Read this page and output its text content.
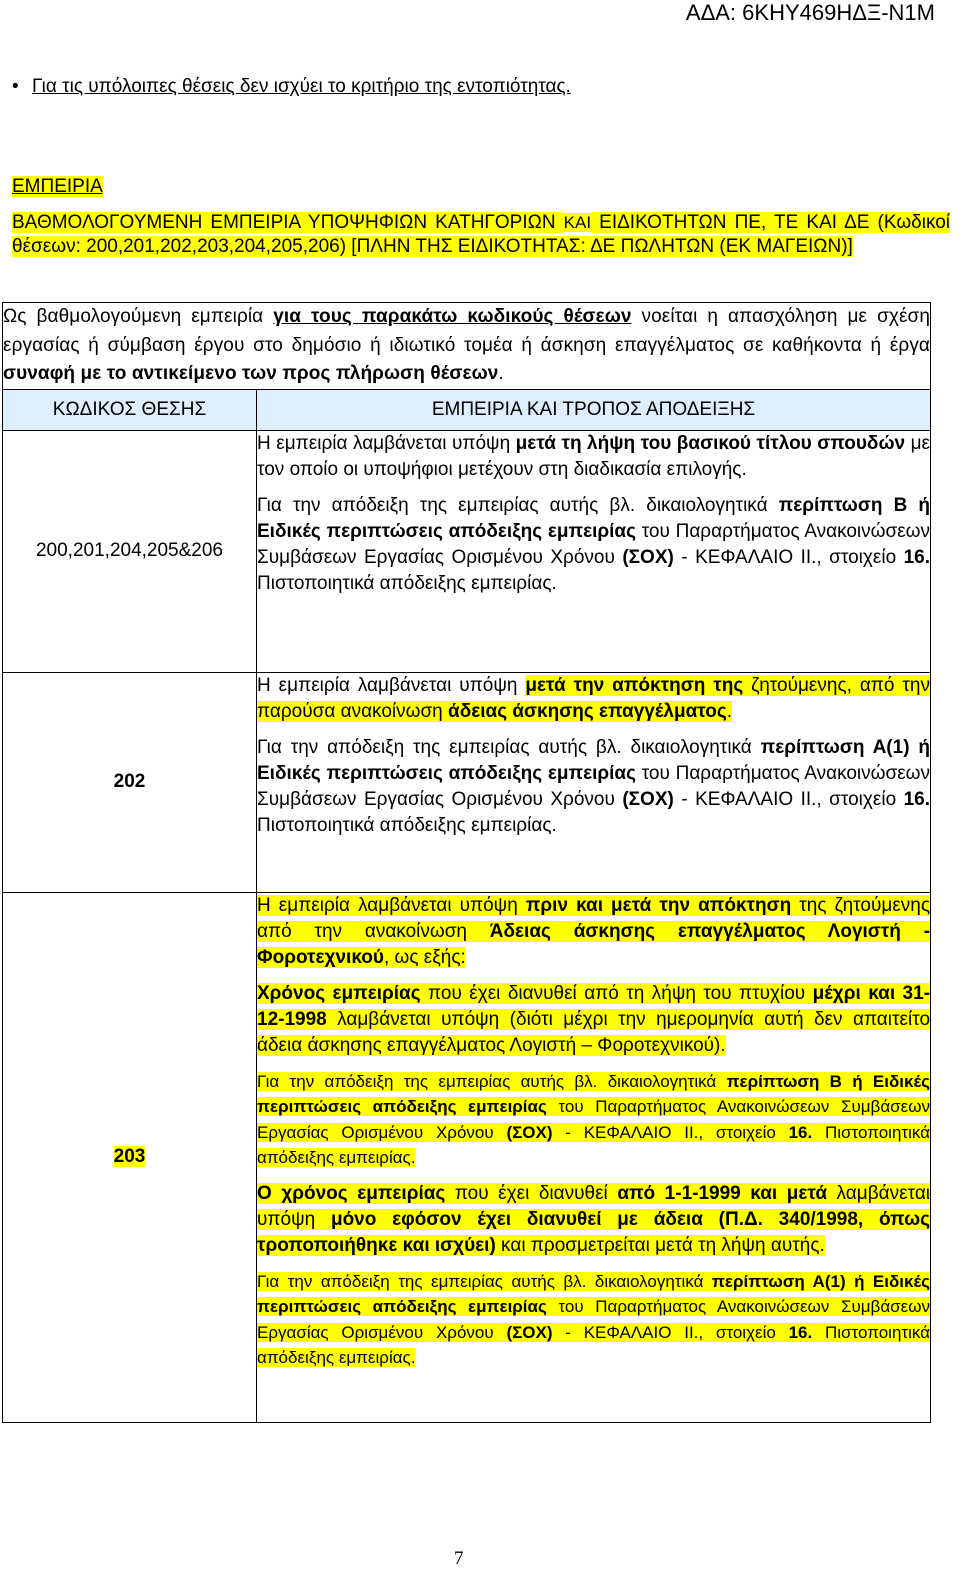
ΑΔΑ: 6ΚΗΥ469ΗΔΞ-Ν1Μ
• Για τις υπόλοιπες θέσεις δεν ισχύει το κριτήριο της εντοπιότητας.
ΕΜΠΕΙΡΙΑ
ΒΑΘΜΟΛΟΓΟΥΜΕΝΗ ΕΜΠΕΙΡΙΑ ΥΠΟΨΗΦΙΩΝ ΚΑΤΗΓΟΡΙΩΝ ΚΑΙ ΕΙΔΙΚΟΤΗΤΩΝ ΠΕ, ΤΕ ΚΑΙ ΔΕ (Κωδικοί θέσεων: 200,201,202,203,204,205,206) [ΠΛΗΝ ΤΗΣ ΕΙΔΙΚΟΤΗΤΑΣ: ΔΕ ΠΩΛΗΤΩΝ (ΕΚ ΜΑΓΕΙΩΝ)]
Ως βαθμολογούμενη εμπειρία για τους παρακάτω κωδικούς θέσεων νοείται η απασχόληση με σχέση εργασίας ή σύμβαση έργου στο δημόσιο ή ιδιωτικό τομέα ή άσκηση επαγγέλματος σε καθήκοντα ή έργα συναφή με το αντικείμενο των προς πλήρωση θέσεων.	
ΚΩΔΙΚΟΣ ΘΕΣΗΣ	ΕΜΠΕΙΡΙΑ ΚΑΙ ΤΡΟΠΟΣ ΑΠΟΔΕΙΞΗΣ
200,201,204,205&206	Η εμπειρία λαμβάνεται υπόψη μετά τη λήψη του βασικού τίτλου σπουδών με τον οποίο οι υποψήφιοι μετέχουν στη διαδικασία επιλογής.

Για την απόδειξη της εμπειρίας αυτής βλ. δικαιολογητικά περίπτωση Β ή Ειδικές περιπτώσεις απόδειξης εμπειρίας του Παραρτήματος Ανακοινώσεων Συμβάσεων Εργασίας Ορισμένου Χρόνου (ΣΟΧ) - ΚΕΦΑΛΑΙΟ ΙΙ., στοιχείο 16. Πιστοποιητικά απόδειξης εμπειρίας.

202	Η εμπειρία λαμβάνεται υπόψη μετά την απόκτηση της ζητούμενης, από την παρούσα ανακοίνωση άδειας άσκησης επαγγέλματος.

Για την απόδειξη της εμπειρίας αυτής βλ. δικαιολογητικά περίπτωση Α(1) ή Ειδικές περιπτώσεις απόδειξης εμπειρίας του Παραρτήματος Ανακοινώσεων Συμβάσεων Εργασίας Ορισμένου Χρόνου (ΣΟΧ) - ΚΕΦΑΛΑΙΟ ΙΙ., στοιχείο 16. Πιστοποιητικά απόδειξης εμπειρίας.

203	Η εμπειρία λαμβάνεται υπόψη πριν και μετά την απόκτηση της ζητούμενης από την ανακοίνωση Άδειας άσκησης επαγγέλματος Λογιστή - Φοροτεχνικού, ως εξής:

Χρόνος εμπειρίας που έχει διανυθεί από τη λήψη του πτυχίου μέχρι και 31-12-1998 λαμβάνεται υπόψη (διότι μέχρι την ημερομηνία αυτή δεν απαιτείτο άδεια άσκησης επαγγέλματος Λογιστή – Φοροτεχνικού).

Για την απόδειξη της εμπειρίας αυτής βλ. δικαιολογητικά περίπτωση Β ή Ειδικές περιπτώσεις απόδειξης εμπειρίας του Παραρτήματος Ανακοινώσεων Συμβάσεων Εργασίας Ορισμένου Χρόνου (ΣΟΧ) - ΚΕΦΑΛΑΙΟ ΙΙ., στοιχείο 16. Πιστοποιητικά απόδειξης εμπειρίας.

Ο χρόνος εμπειρίας που έχει διανυθεί από 1-1-1999 και μετά λαμβάνεται υπόψη μόνο εφόσον έχει διανυθεί με άδεια (Π.Δ. 340/1998, όπως τροποποιήθηκε και ισχύει) και προσμετρείται μετά τη λήψη αυτής.

Για την απόδειξη της εμπειρίας αυτής βλ. δικαιολογητικά περίπτωση Α(1) ή Ειδικές περιπτώσεις απόδειξης εμπειρίας του Παραρτήματος Ανακοινώσεων Συμβάσεων Εργασίας Ορισμένου Χρόνου (ΣΟΧ) - ΚΕΦΑΛΑΙΟ ΙΙ., στοιχείο 16. Πιστοποιητικά απόδειξης εμπειρίας.

7
